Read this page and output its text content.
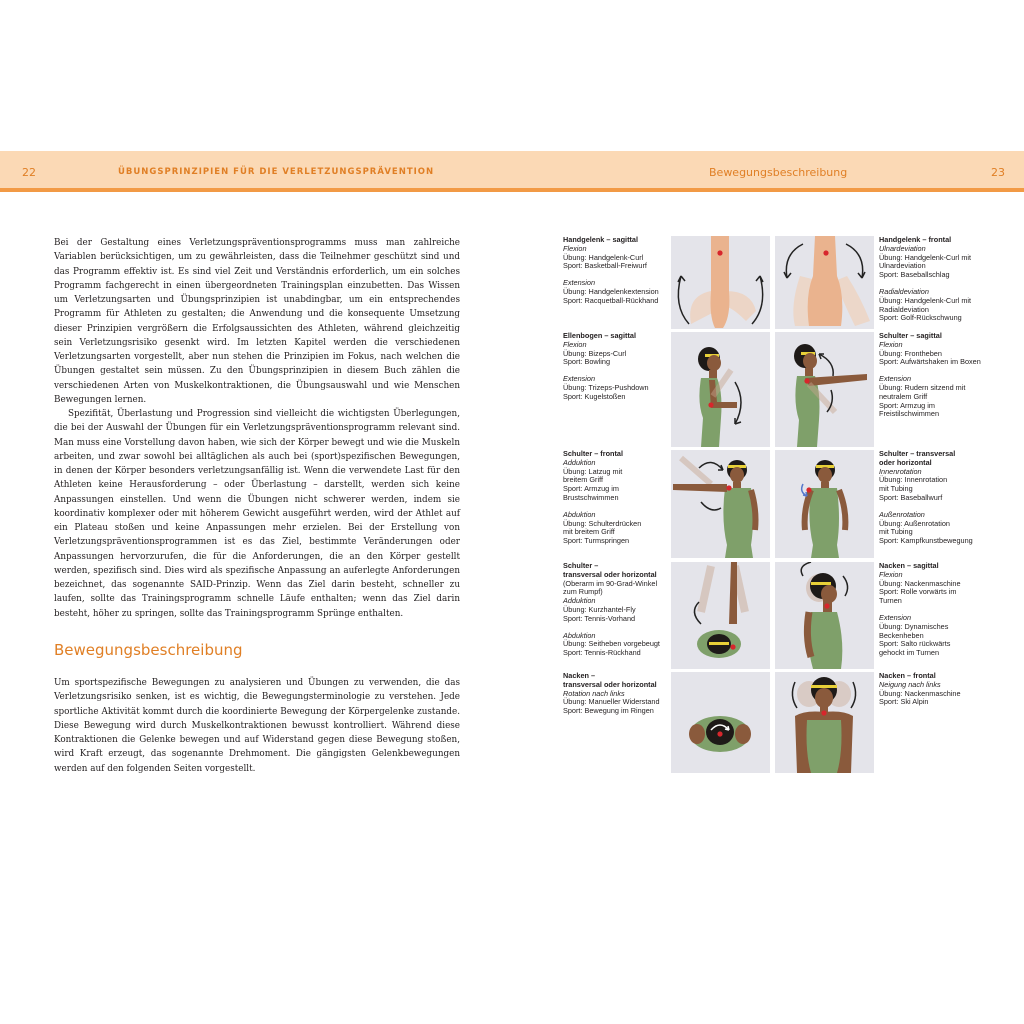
22	ÜBUNGSPRINZIPIEN FÜR DIE VERLETZUNGSPRÄVENTION	Bewegungsbeschreibung	23

Bei der Gestaltung eines Verletzungspräventionsprogramms muss man zahlreiche Variablen berücksichtigen, um zu gewährleisten, dass die Teilnehmer geschützt sind und das Programm effektiv ist. Es sind viel Zeit und Verständnis erforderlich, um ein solches Programm fachgerecht in einen übergeordneten Trainingsplan einzubetten. Das Wissen um Verletzungsarten und Übungsprinzipien ist unabdingbar, um ein entsprechendes Programm für Athleten zu gestalten; die Anwendung und die konsequente Umsetzung dieser Prinzipien vergrößern die Erfolgsaussichten des Athleten, während gleichzeitig sein Verletzungsrisiko gesenkt wird. Im letzten Kapitel werden die verschiedenen Verletzungsarten vorgestellt, aber nun stehen die Prinzipien im Fokus, nach welchen die Übungen gestaltet sein müssen. Zu den Übungsprinzipien in diesem Buch zählen die verschiedenen Arten von Muskelkontraktionen, die Übungsauswahl und wie Menschen Bewegungen lernen.

Spezifität, Überlastung und Progression sind vielleicht die wichtigsten Überlegungen, die bei der Auswahl der Übungen für ein Verletzungspräventionsprogramm relevant sind. Man muss eine Vorstellung davon haben, wie sich der Körper bewegt und wie die Muskeln arbeiten, und zwar sowohl bei alltäglichen als auch bei (sport)spezifischen Bewegungen, in denen der Körper besonders verletzungsanfällig ist. Wenn die verwendete Last für den Athleten keine Herausforderung – oder Überlastung – darstellt, werden sich keine Anpassungen einstellen. Und wenn die Übungen nicht schwerer werden, indem sie koordinativ komplexer oder mit höherem Gewicht ausgeführt werden, wird der Athlet auf ein Plateau stoßen und keine Anpassungen mehr erzielen. Bei der Erstellung von Verletzungspräventionsprogrammen ist es das Ziel, bestimmte Veränderungen oder Anpassungen hervorzurufen, die für die Anforderungen, die an den Körper gestellt werden, spezifisch sind. Dies wird als spezifische Anpassung an auferlegte Anforderungen bezeichnet, das sogenannte SAID-Prinzip. Wenn das Ziel darin besteht, schneller zu laufen, sollte das Trainingsprogramm schnelle Läufe enthalten; wenn das Ziel darin besteht, höher zu springen, sollte das Trainingsprogramm Sprünge enthalten.

Bewegungsbeschreibung

Um sportspezifische Bewegungen zu analysieren und Übungen zu verwenden, die das Verletzungsrisiko senken, ist es wichtig, die Bewegungsterminologie zu verstehen. Jede sportliche Aktivität kommt durch die koordinierte Bewegung der Körpergelenke zustande. Diese Bewegung wird durch Muskelkontraktionen bewusst kontrolliert. Während diese Kontraktionen die Gelenke bewegen und auf Widerstand gegen diese Bewegung stoßen, wird Kraft erzeugt, das sogenannte Drehmoment. Die gängigsten Gelenkbewegungen werden auf den folgenden Seiten vorgestellt.

Handgelenk – sagittal
Flexion
Übung: Handgelenk-Curl
Sport: Basketball-Freiwurf
Extension
Übung: Handgelenkextension
Sport: Racquetball-Rückhand
Ellenbogen – sagittal
Flexion
Übung: Bizeps-Curl
Sport: Bowling
Extension
Übung: Trizeps-Pushdown
Sport: Kugelstoßen
Schulter – frontal
Adduktion
Übung: Latzug mit
breitem Griff
Sport: Armzug im
Brustschwimmen
Abduktion
Übung: Schulterdrücken
mit breitem Griff
Sport: Turmspringen
Schulter –
transversal oder horizontal
(Oberarm im 90-Grad-Winkel
zum Rumpf)
Adduktion
Übung: Kurzhantel-Fly
Sport: Tennis-Vorhand
Abduktion
Übung: Seitheben vorgebeugt
Sport: Tennis-Rückhand
Nacken –
transversal oder horizontal
Rotation nach links
Übung: Manueller Widerstand
Sport: Bewegung im Ringen
Handgelenk – frontal
Ulnardeviation
Übung: Handgelenk-Curl mit
Ulnardeviation
Sport: Baseballschlag
Radialdeviation
Übung: Handgelenk-Curl mit
Radialdeviation
Sport: Golf-Rückschwung
Schulter – sagittal
Flexion
Übung: Frontheben
Sport: Aufwärtshaken im Boxen
Extension
Übung: Rudern sitzend mit
neutralem Griff
Sport: Armzug im
Freistilschwimmen
Schulter – transversal
oder horizontal
Innenrotation
Übung: Innenrotation
mit Tubing
Sport: Baseballwurf
Außenrotation
Übung: Außenrotation
mit Tubing
Sport: Kampfkunstbewegung
Nacken – sagittal
Flexion
Übung: Nackenmaschine
Sport: Rolle vorwärts im Turnen
Extension
Übung: Dynamisches
Beckenheben
Sport: Salto rückwärts
gehockt im Turnen
Nacken – frontal
Neigung nach links
Übung: Nackenmaschine
Sport: Ski Alpin
